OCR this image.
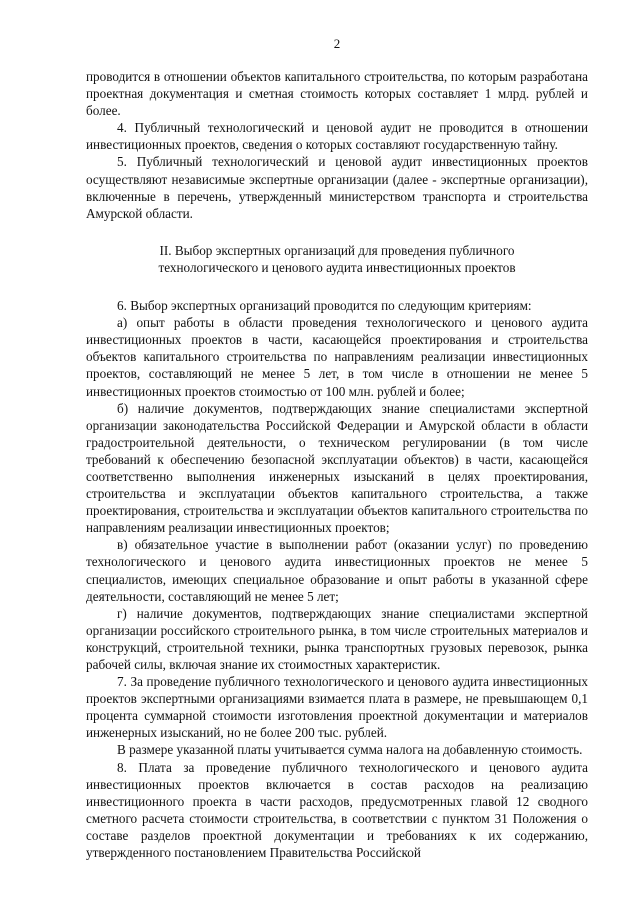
2

проводится в отношении объектов капитального строительства, по которым разработана проектная документация и сметная стоимость которых составляет 1 млрд. рублей и более.

4. Публичный технологический и ценовой аудит не проводится в отношении инвестиционных проектов, сведения о которых составляют государственную тайну.

5. Публичный технологический и ценовой аудит инвестиционных проектов осуществляют независимые экспертные организации (далее - экспертные организации), включенные в перечень, утвержденный министерством транспорта и строительства Амурской области.

II. Выбор экспертных организаций для проведения публичного
технологического и ценового аудита инвестиционных проектов

6. Выбор экспертных организаций проводится по следующим критериям:

а) опыт работы в области проведения технологического и ценового аудита инвестиционных проектов в части, касающейся проектирования и строительства объектов капитального строительства по направлениям реализации инвестиционных проектов, составляющий не менее 5 лет, в том числе в отношении не менее 5 инвестиционных проектов стоимостью от 100 млн. рублей и более;

б) наличие документов, подтверждающих знание специалистами экспертной организации законодательства Российской Федерации и Амурской области в области градостроительной деятельности, о техническом регулировании (в том числе требований к обеспечению безопасной эксплуатации объектов) в части, касающейся соответственно выполнения инженерных изысканий в целях проектирования, строительства и эксплуатации объектов капитального строительства, а также проектирования, строительства и эксплуатации объектов капитального строительства по направлениям реализации инвестиционных проектов;

в) обязательное участие в выполнении работ (оказании услуг) по проведению технологического и ценового аудита инвестиционных проектов не менее 5 специалистов, имеющих специальное образование и опыт работы в указанной сфере деятельности, составляющий не менее 5 лет;

г) наличие документов, подтверждающих знание специалистами экспертной организации российского строительного рынка, в том числе строительных материалов и конструкций, строительной техники, рынка транспортных грузовых перевозок, рынка рабочей силы, включая знание их стоимостных характеристик.

7. За проведение публичного технологического и ценового аудита инвестиционных проектов экспертными организациями взимается плата в размере, не превышающем 0,1 процента суммарной стоимости изготовления проектной документации и материалов инженерных изысканий, но не более 200 тыс. рублей.

В размере указанной платы учитывается сумма налога на добавленную стоимость.

8. Плата за проведение публичного технологического и ценового аудита инвестиционных проектов включается в состав расходов на реализацию инвестиционного проекта в части расходов, предусмотренных главой 12 сводного сметного расчета стоимости строительства, в соответствии с пунктом 31 Положения о составе разделов проектной документации и требованиях к их содержанию, утвержденного постановлением Правительства Российской
